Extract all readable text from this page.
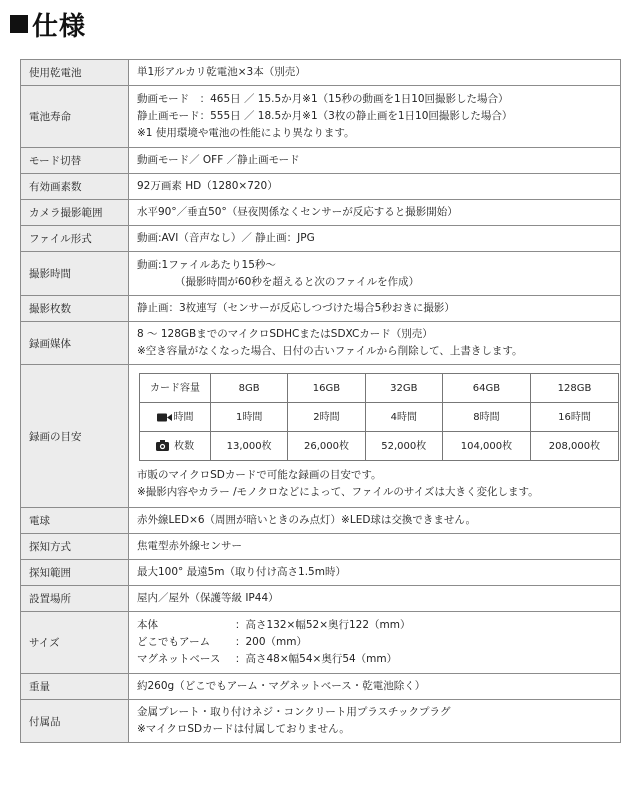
仕様
使用乾電池	単1形アルカリ乾電池×3本（別売）

電池寿命	
動画モード　：465日 ／ 15.5か月※1（15秒の動画を1日10回撮影した場合）
静止画モード：555日 ／ 18.5か月※1（3枚の静止画を1日10回撮影した場合）
※1 使用環境や電池の性能により異なります。

モード切替	動画モード／ OFF ／静止画モード

有効画素数	92万画素 HD（1280×720）

カメラ撮影範囲	水平90°／垂直50°（昼夜関係なくセンサーが反応すると撮影開始）

ファイル形式	動画:AVI（音声なし）／ 静止画：JPG

撮影時間	
動画:1ファイルあたり15秒～
（撮影時間が60秒を超えると次のファイルを作成）

撮影枚数	静止画：3枚連写（センサーが反応しつづけた場合5秒おきに撮影）

録画媒体	
8 ～ 128GBまでのマイクロSDHCまたはSDXCカード（別売）
※空き容量がなくなった場合、日付の古いファイルから削除して、上書きします。

録画の目安	
カード容量	8GB	16GB	32GB	64GB	128GB
時間	1時間	2時間	4時間	8時間	16時間
枚数	13,000枚	26,000枚	52,000枚	104,000枚	208,000枚
市販のマイクロSDカードで可能な録画の目安です。
※撮影内容やカラー /モノクロなどによって、ファイルのサイズは大きく変化します。

電球	赤外線LED×6（周囲が暗いときのみ点灯）※LED球は交換できません。

探知方式	焦電型赤外線センサー

探知範囲	最大100° 最遠5m（取り付け高さ1.5m時）

設置場所	屋内／屋外（保護等級 IP44）

サイズ	
本体	：高さ132×幅52×奥行122（mm）
どこでもアーム	：200（mm）
マグネットベース	：高さ48×幅54×奥行54（mm）

重量	約260g（どこでもアーム・マグネットベース・乾電池除く）

付属品	
金属プレート・取り付けネジ・コンクリート用プラスチックプラグ
※マイクロSDカードは付属しておりません。
